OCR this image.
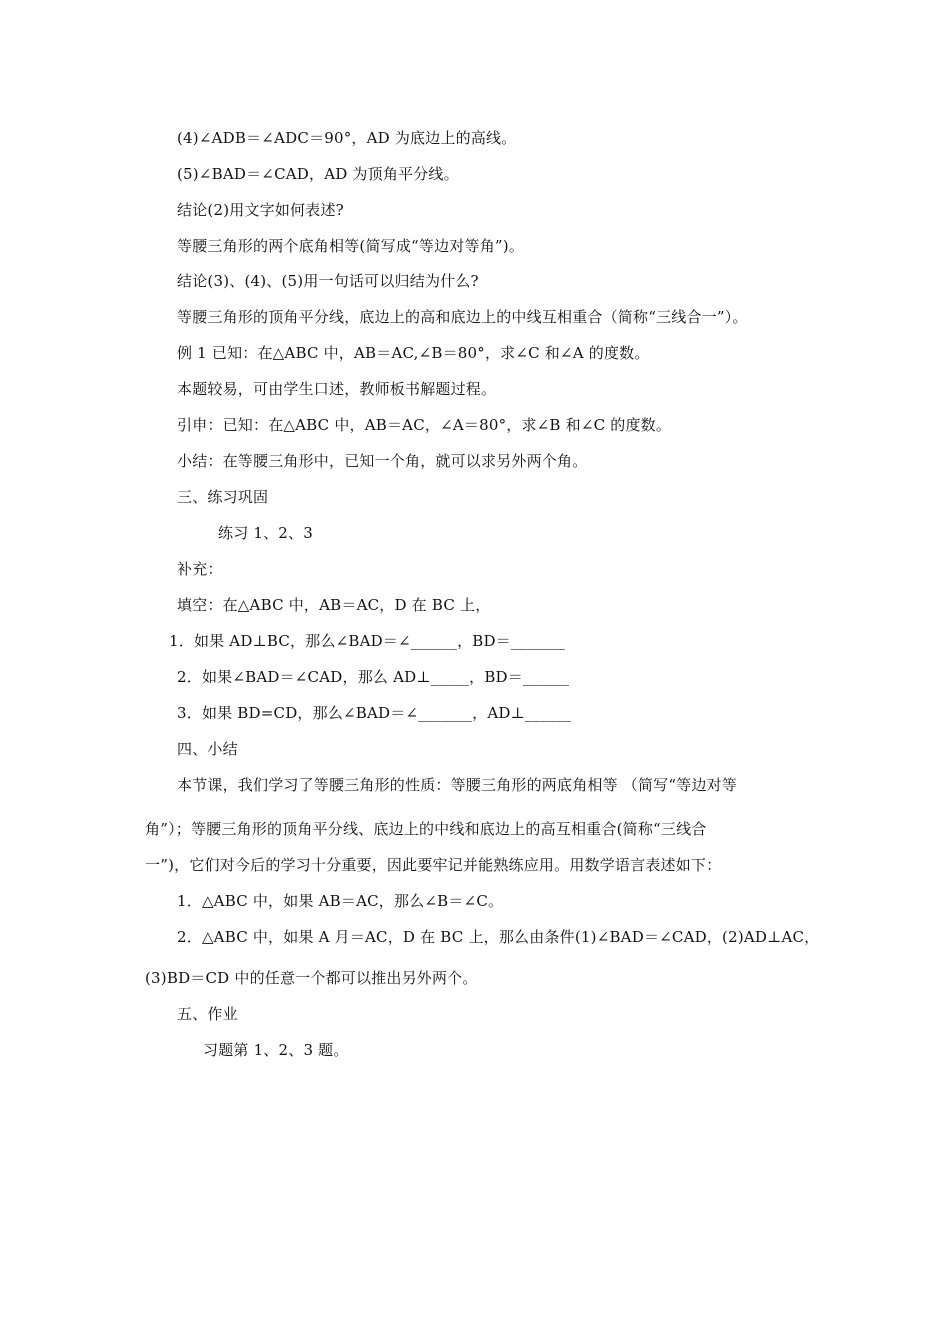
(4)∠ADB＝∠ADC＝90°，AD 为底边上的高线。
(5)∠BAD＝∠CAD，AD 为顶角平分线。
结论(2)用文字如何表述?
等腰三角形的两个底角相等(简写成“等边对等角”)。
结论(3)、(4)、(5)用一句话可以归结为什么?
等腰三角形的顶角平分线，底边上的高和底边上的中线互相重合（简称“三线合一”）。
例 1 已知：在△ABC 中，AB＝AC,∠B＝80°，求∠C 和∠A 的度数。
本题较易，可由学生口述，教师板书解题过程。
引申：已知：在△ABC 中，AB＝AC，∠A＝80°，求∠B 和∠C 的度数。
小结：在等腰三角形中，已知一个角，就可以求另外两个角。
三、练习巩固
练习 1、2、3
补充：
填空：在△ABC 中，AB＝AC，D 在 BC 上，
1．如果 AD⊥BC，那么∠BAD＝∠______，BD＝_______
2．如果∠BAD＝∠CAD，那么 AD⊥_____，BD＝______
3．如果 BD=CD，那么∠BAD＝∠_______，AD⊥______
四、小结
本节课，我们学习了等腰三角形的性质：等腰三角形的两底角相等 （简写“等边对等
角”）；等腰三角形的顶角平分线、底边上的中线和底边上的高互相重合(简称“三线合
一”)，它们对今后的学习十分重要，因此要牢记并能熟练应用。用数学语言表述如下：
1．△ABC 中，如果 AB＝AC，那么∠B＝∠C。
2．△ABC 中，如果 A 月＝AC，D 在 BC 上，那么由条件(1)∠BAD＝∠CAD，(2)AD⊥AC，
(3)BD＝CD 中的任意一个都可以推出另外两个。
五、作业
习题第 1、2、3 题。
